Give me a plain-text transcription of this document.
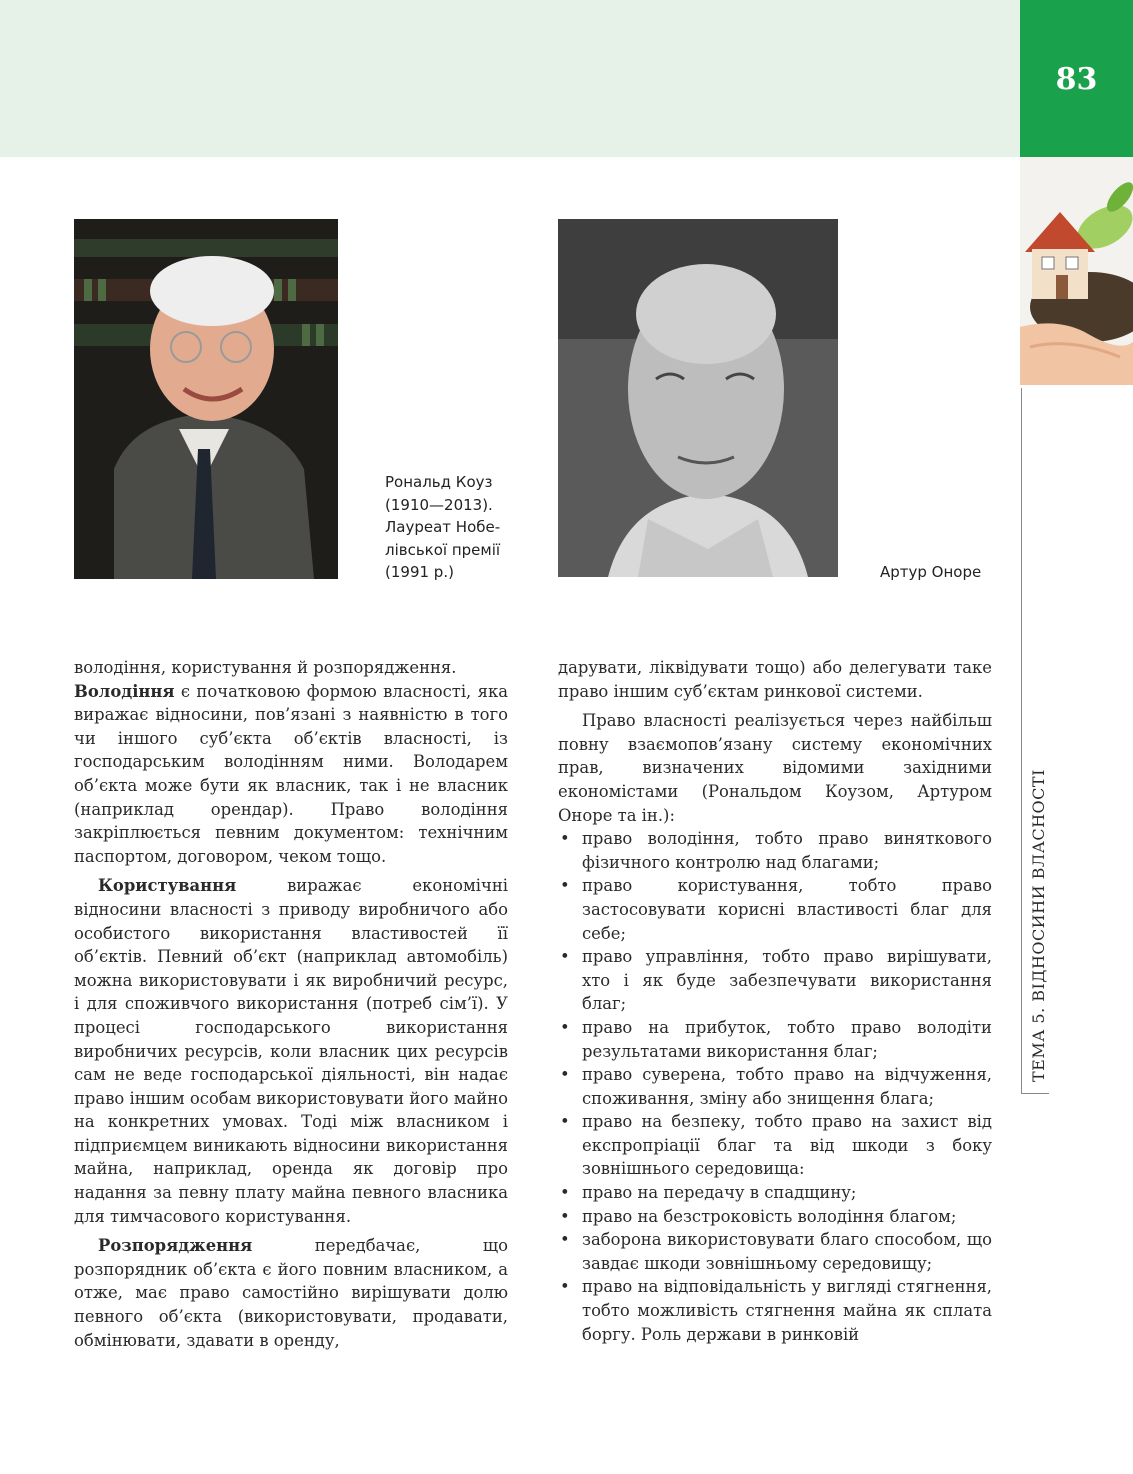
83
ТЕМА 5. ВІДНОСИНИ ВЛАСНОСТІ
Рональд Коуз
(1910—2013).
Лауреат Нобе-
лівської премії
(1991 р.)	Артур Оноре

володіння, користування й розпорядження.

Володіння є початковою формою власності, яка виражає відносини, пов’язані з наявністю в того чи іншого суб’єкта об’єктів власності, із господарським володінням ними. Володарем об’єкта може бути як власник, так і не власник (наприклад орендар). Право володіння закріплюється певним документом: технічним паспортом, договором, чеком тощо.

Користування виражає економічні відносини власності з приводу виробничого або особистого використання властивостей її об’єктів. Певний об’єкт (наприклад автомобіль) можна використовувати і як виробничий ресурс, і для споживчого використання (потреб сім’ї). У процесі господарського використання виробничих ресурсів, коли власник цих ресурсів сам не веде господарської діяльності, він надає право іншим особам використовувати його майно на конкретних умовах. Тоді між власником і підприємцем виникають відносини використання майна, наприклад, оренда як договір про надання за певну плату майна певного власника для тимчасового користування.

Розпорядження передбачає, що розпорядник об’єкта є його повним власником, а отже, має право самостійно вирішувати долю певного об’єкта (використовувати, продавати, обмінювати, здавати в оренду,

дарувати, ліквідувати тощо) або делегувати таке право іншим суб’єктам ринкової системи.

Право власності реалізується через найбільш повну взаємопов’язану систему економічних прав, визначених відомими західними економістами (Рональдом Коузом, Артуром Оноре та ін.):

• право володіння, тобто право виняткового фізичного контролю над благами;
• право користування, тобто право застосовувати корисні властивості благ для себе;
• право управління, тобто право вирішувати, хто і як буде забезпечувати використання благ;
• право на прибуток, тобто право володіти результатами використання благ;
• право суверена, тобто право на відчуження, споживання, зміну або знищення блага;
• право на безпеку, тобто право на захист від експропріації благ та від шкоди з боку зовнішнього середовища:
• право на передачу в спадщину;
• право на безстроковість володіння благом;
• заборона використовувати благо способом, що завдає шкоди зовнішньому середовищу;
• право на відповідальність у вигляді стягнення, тобто можливість стягнення майна як сплата боргу. Роль держави в ринковій
